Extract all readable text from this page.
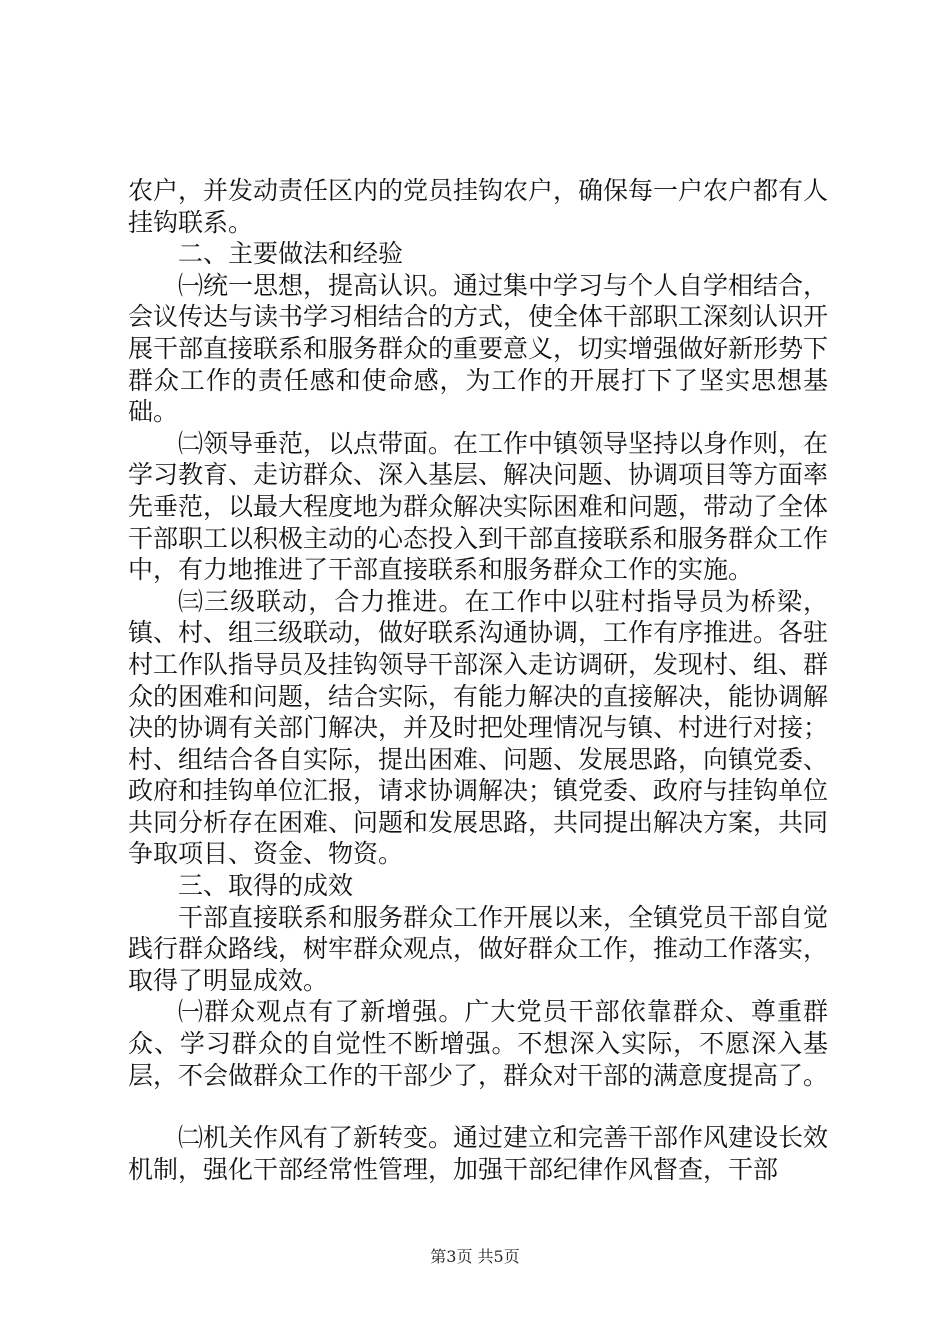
农户，并发动责任区内的党员挂钩农户，确保每一户农户都有人挂钩联系。

二、主要做法和经验

㈠统一思想，提高认识。通过集中学习与个人自学相结合，会议传达与读书学习相结合的方式，使全体干部职工深刻认识开展干部直接联系和服务群众的重要意义，切实增强做好新形势下群众工作的责任感和使命感，为工作的开展打下了坚实思想基础。

㈡领导垂范，以点带面。在工作中镇领导坚持以身作则，在学习教育、走访群众、深入基层、解决问题、协调项目等方面率先垂范，以最大程度地为群众解决实际困难和问题，带动了全体干部职工以积极主动的心态投入到干部直接联系和服务群众工作中，有力地推进了干部直接联系和服务群众工作的实施。

㈢三级联动，合力推进。在工作中以驻村指导员为桥梁，镇、村、组三级联动，做好联系沟通协调，工作有序推进。各驻村工作队指导员及挂钩领导干部深入走访调研，发现村、组、群众的困难和问题，结合实际，有能力解决的直接解决，能协调解决的协调有关部门解决，并及时把处理情况与镇、村进行对接；村、组结合各自实际，提出困难、问题、发展思路，向镇党委、政府和挂钩单位汇报，请求协调解决；镇党委、政府与挂钩单位共同分析存在困难、问题和发展思路，共同提出解决方案，共同争取项目、资金、物资。

三、取得的成效

干部直接联系和服务群众工作开展以来，全镇党员干部自觉践行群众路线，树牢群众观点，做好群众工作，推动工作落实，取得了明显成效。

㈠群众观点有了新增强。广大党员干部依靠群众、尊重群众、学习群众的自觉性不断增强。不想深入实际，不愿深入基层，不会做群众工作的干部少了，群众对干部的满意度提高了。

㈡机关作风有了新转变。通过建立和完善干部作风建设长效机制，强化干部经常性管理，加强干部纪律作风督查，干部

第3页 共5页
